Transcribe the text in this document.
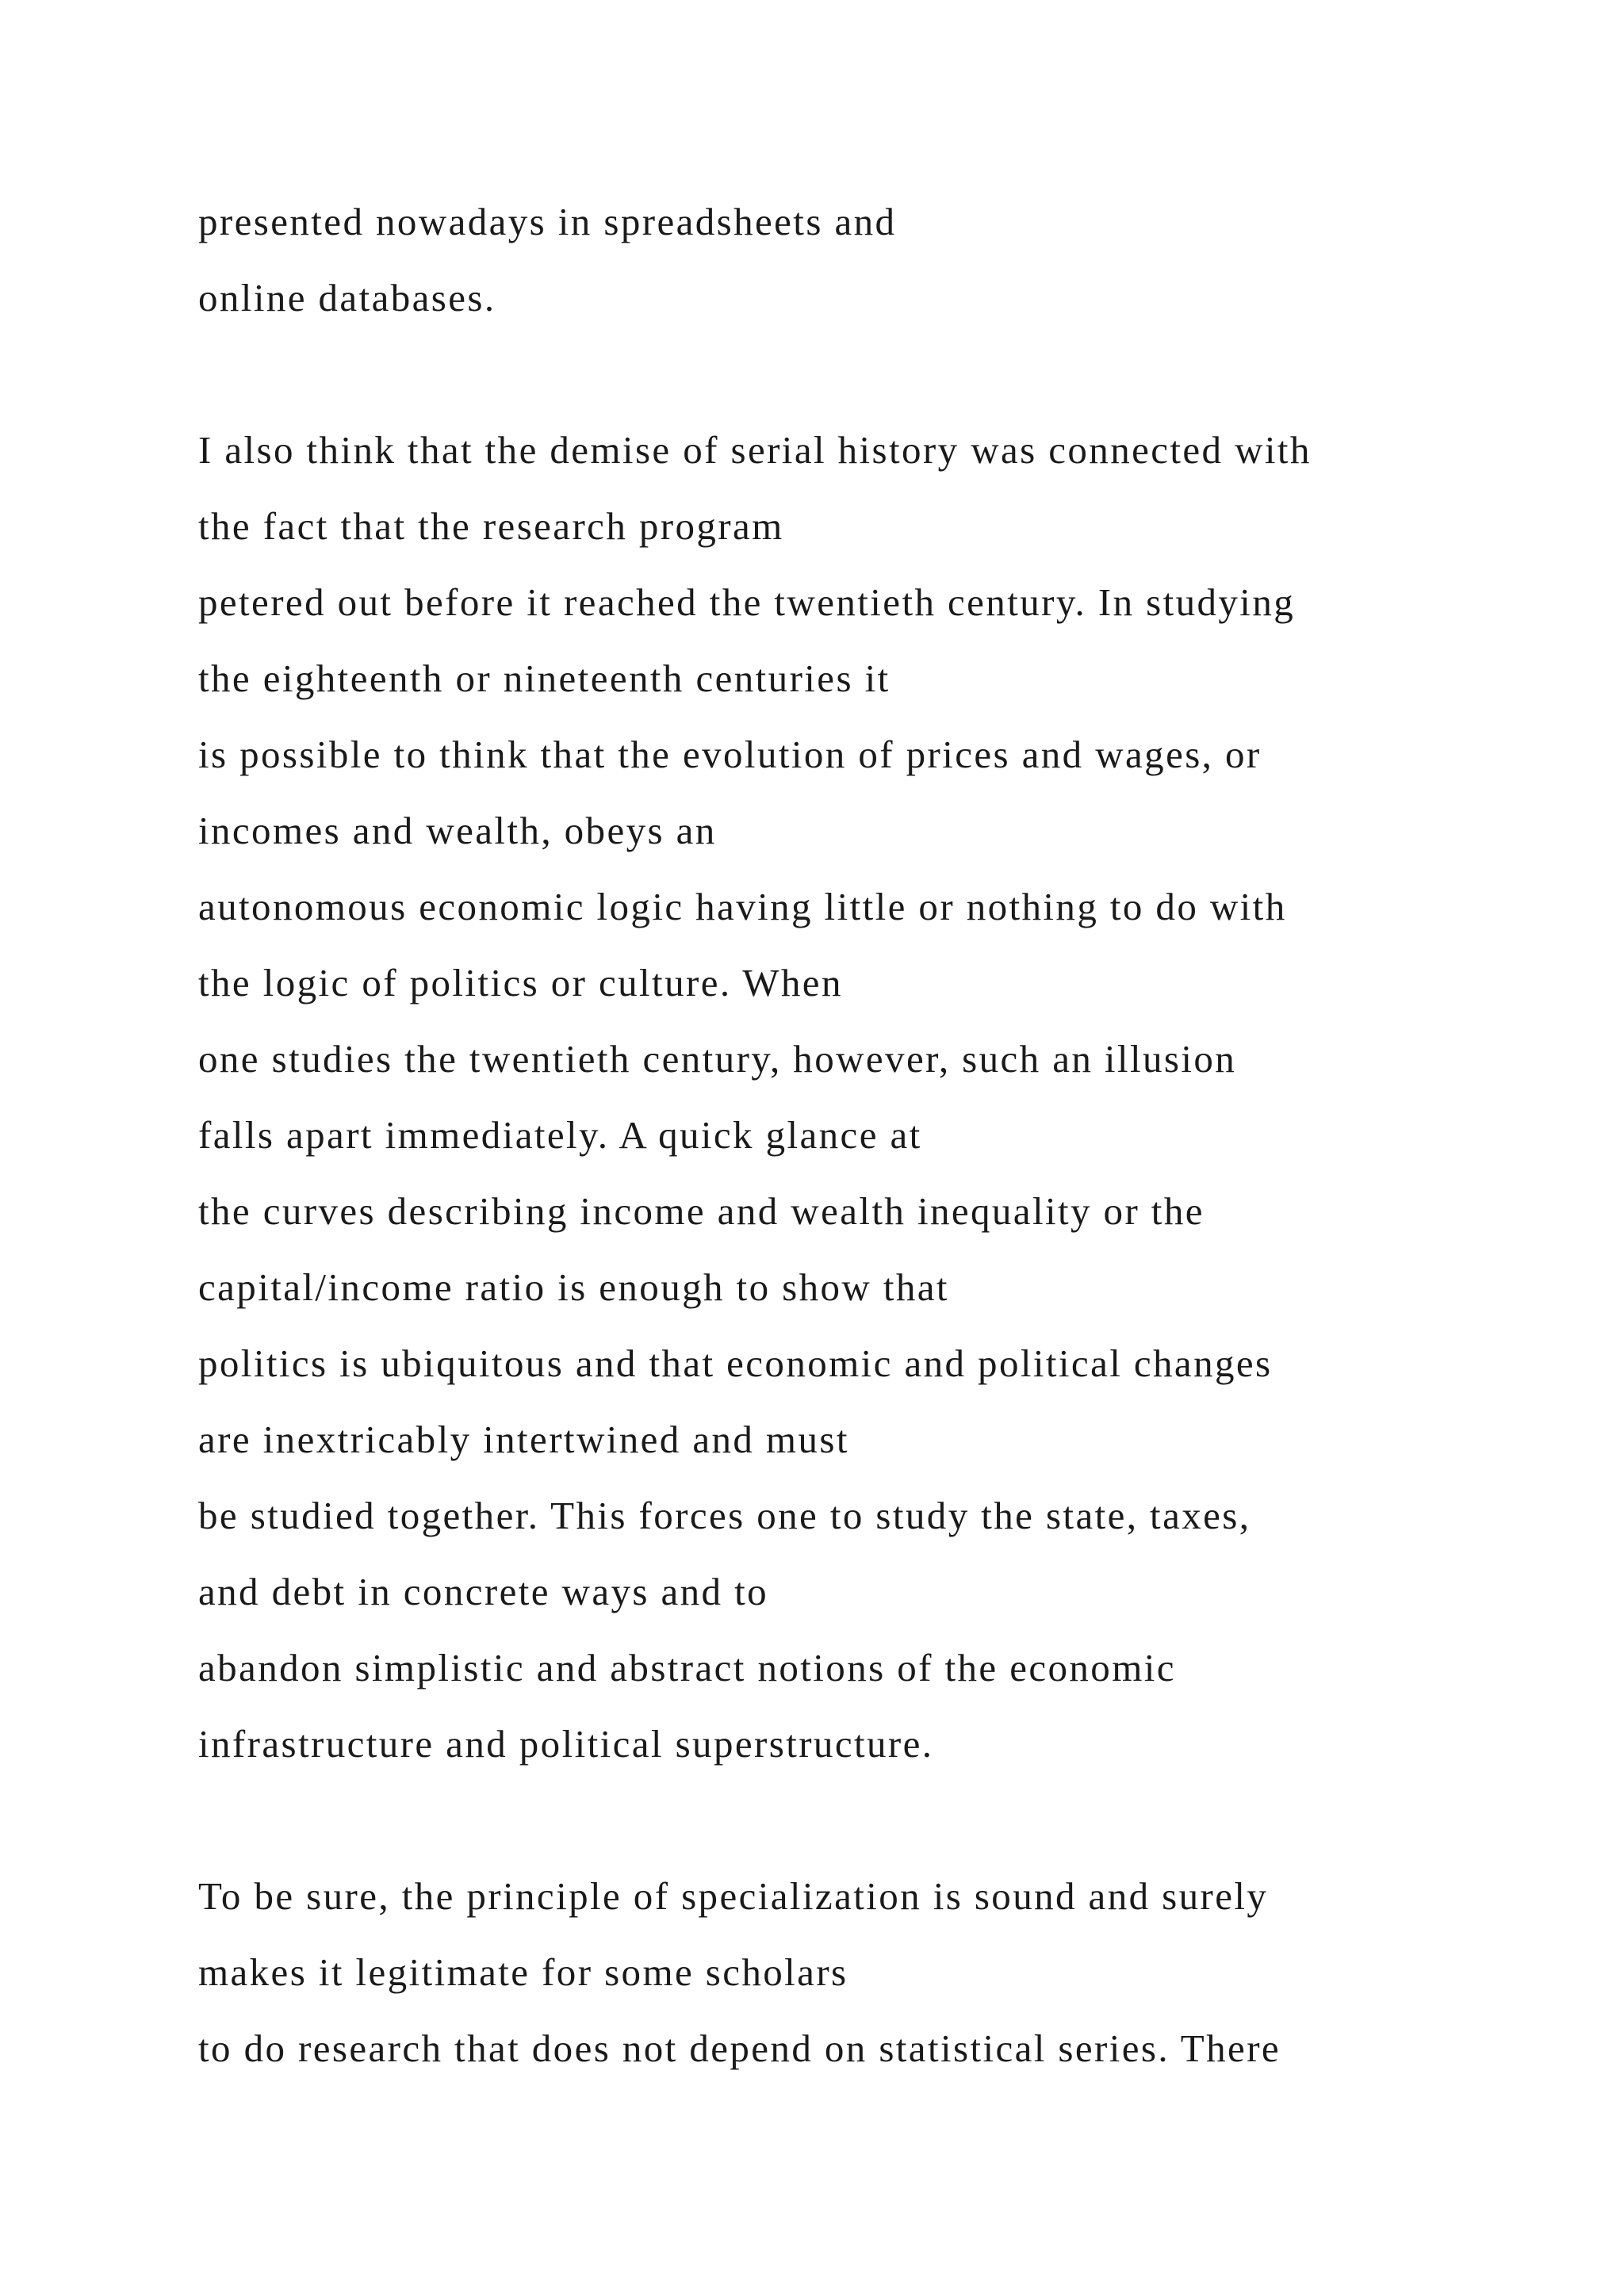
presented nowadays in spreadsheets and
online databases.
I also think that the demise of serial history was connected with
the fact that the research program
petered out before it reached the twentieth century. In studying
the eighteenth or nineteenth centuries it
is possible to think that the evolution of prices and wages, or
incomes and wealth, obeys an
autonomous economic logic having little or nothing to do with
the logic of politics or culture. When
one studies the twentieth century, however, such an illusion
falls apart immediately. A quick glance at
the curves describing income and wealth inequality or the
capital/income ratio is enough to show that
politics is ubiquitous and that economic and political changes
are inextricably intertwined and must
be studied together. This forces one to study the state, taxes,
and debt in concrete ways and to
abandon simplistic and abstract notions of the economic
infrastructure and political superstructure.
To be sure, the principle of specialization is sound and surely
makes it legitimate for some scholars
to do research that does not depend on statistical series. There
